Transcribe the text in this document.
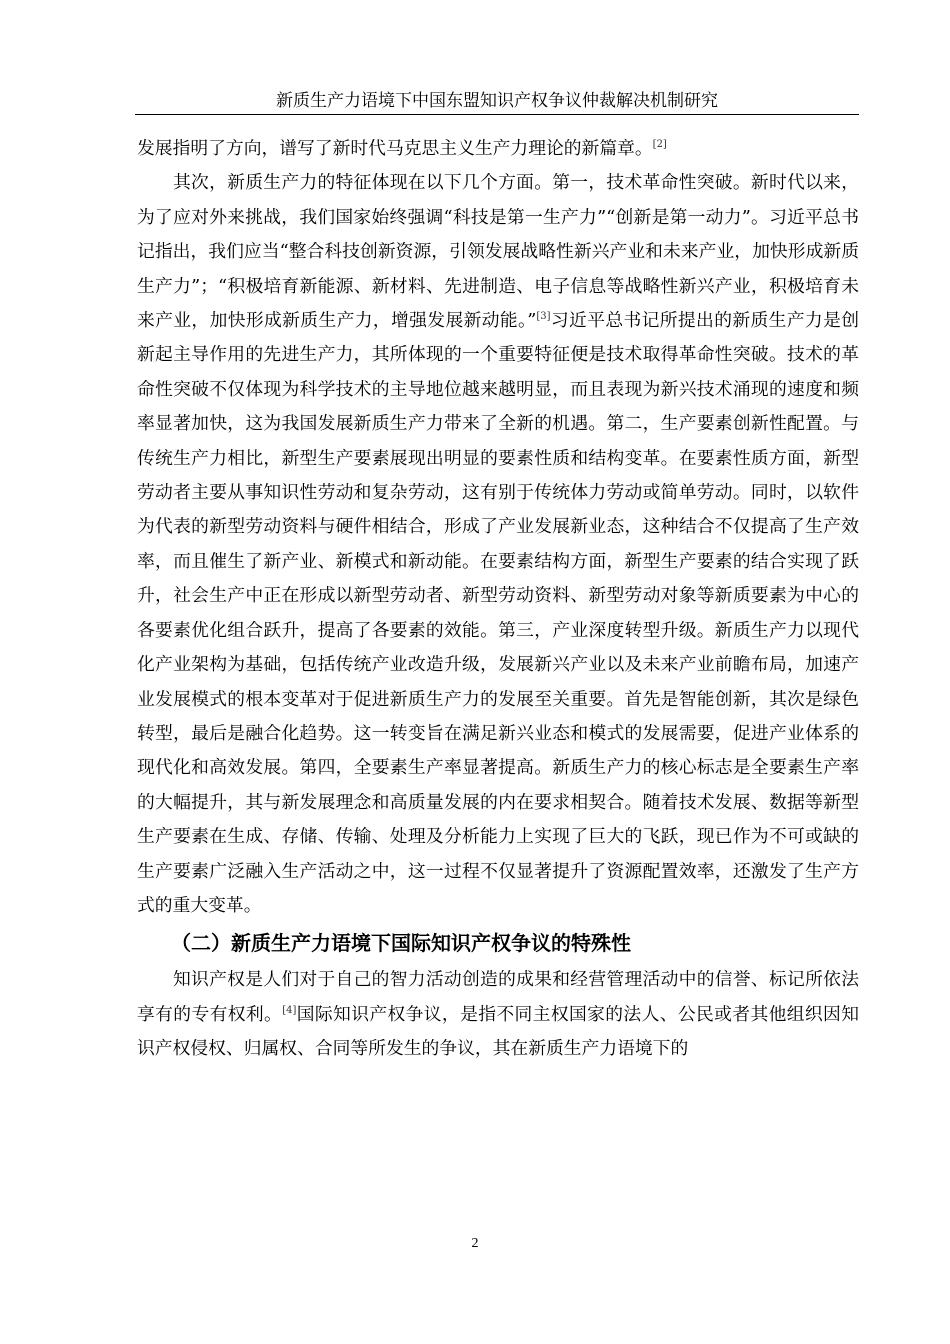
新质生产力语境下中国东盟知识产权争议仲裁解决机制研究

发展指明了方向，谱写了新时代马克思主义生产力理论的新篇章。[2]

其次，新质生产力的特征体现在以下几个方面。第一，技术革命性突破。新时代以来，为了应对外来挑战，我们国家始终强调“科技是第一生产力”“创新是第一动力”。习近平总书记指出，我们应当“整合科技创新资源，引领发展战略性新兴产业和未来产业，加快形成新质生产力”；“积极培育新能源、新材料、先进制造、电子信息等战略性新兴产业，积极培育未来产业，加快形成新质生产力，增强发展新动能。”[3]习近平总书记所提出的新质生产力是创新起主导作用的先进生产力，其所体现的一个重要特征便是技术取得革命性突破。技术的革命性突破不仅体现为科学技术的主导地位越来越明显，而且表现为新兴技术涌现的速度和频率显著加快，这为我国发展新质生产力带来了全新的机遇。第二，生产要素创新性配置。与传统生产力相比，新型生产要素展现出明显的要素性质和结构变革。在要素性质方面，新型劳动者主要从事知识性劳动和复杂劳动，这有别于传统体力劳动或简单劳动。同时，以软件为代表的新型劳动资料与硬件相结合，形成了产业发展新业态，这种结合不仅提高了生产效率，而且催生了新产业、新模式和新动能。在要素结构方面，新型生产要素的结合实现了跃升，社会生产中正在形成以新型劳动者、新型劳动资料、新型劳动对象等新质要素为中心的各要素优化组合跃升，提高了各要素的效能。第三，产业深度转型升级。新质生产力以现代化产业架构为基础，包括传统产业改造升级，发展新兴产业以及未来产业前瞻布局，加速产业发展模式的根本变革对于促进新质生产力的发展至关重要。首先是智能创新，其次是绿色转型，最后是融合化趋势。这一转变旨在满足新兴业态和模式的发展需要，促进产业体系的现代化和高效发展。第四，全要素生产率显著提高。新质生产力的核心标志是全要素生产率的大幅提升，其与新发展理念和高质量发展的内在要求相契合。随着技术发展、数据等新型生产要素在生成、存储、传输、处理及分析能力上实现了巨大的飞跃，现已作为不可或缺的生产要素广泛融入生产活动之中，这一过程不仅显著提升了资源配置效率，还激发了生产方式的重大变革。

（二）新质生产力语境下国际知识产权争议的特殊性

知识产权是人们对于自己的智力活动创造的成果和经营管理活动中的信誉、标记所依法享有的专有权利。[4]国际知识产权争议，是指不同主权国家的法人、公民或者其他组织因知识产权侵权、归属权、合同等所发生的争议，其在新质生产力语境下的

2
